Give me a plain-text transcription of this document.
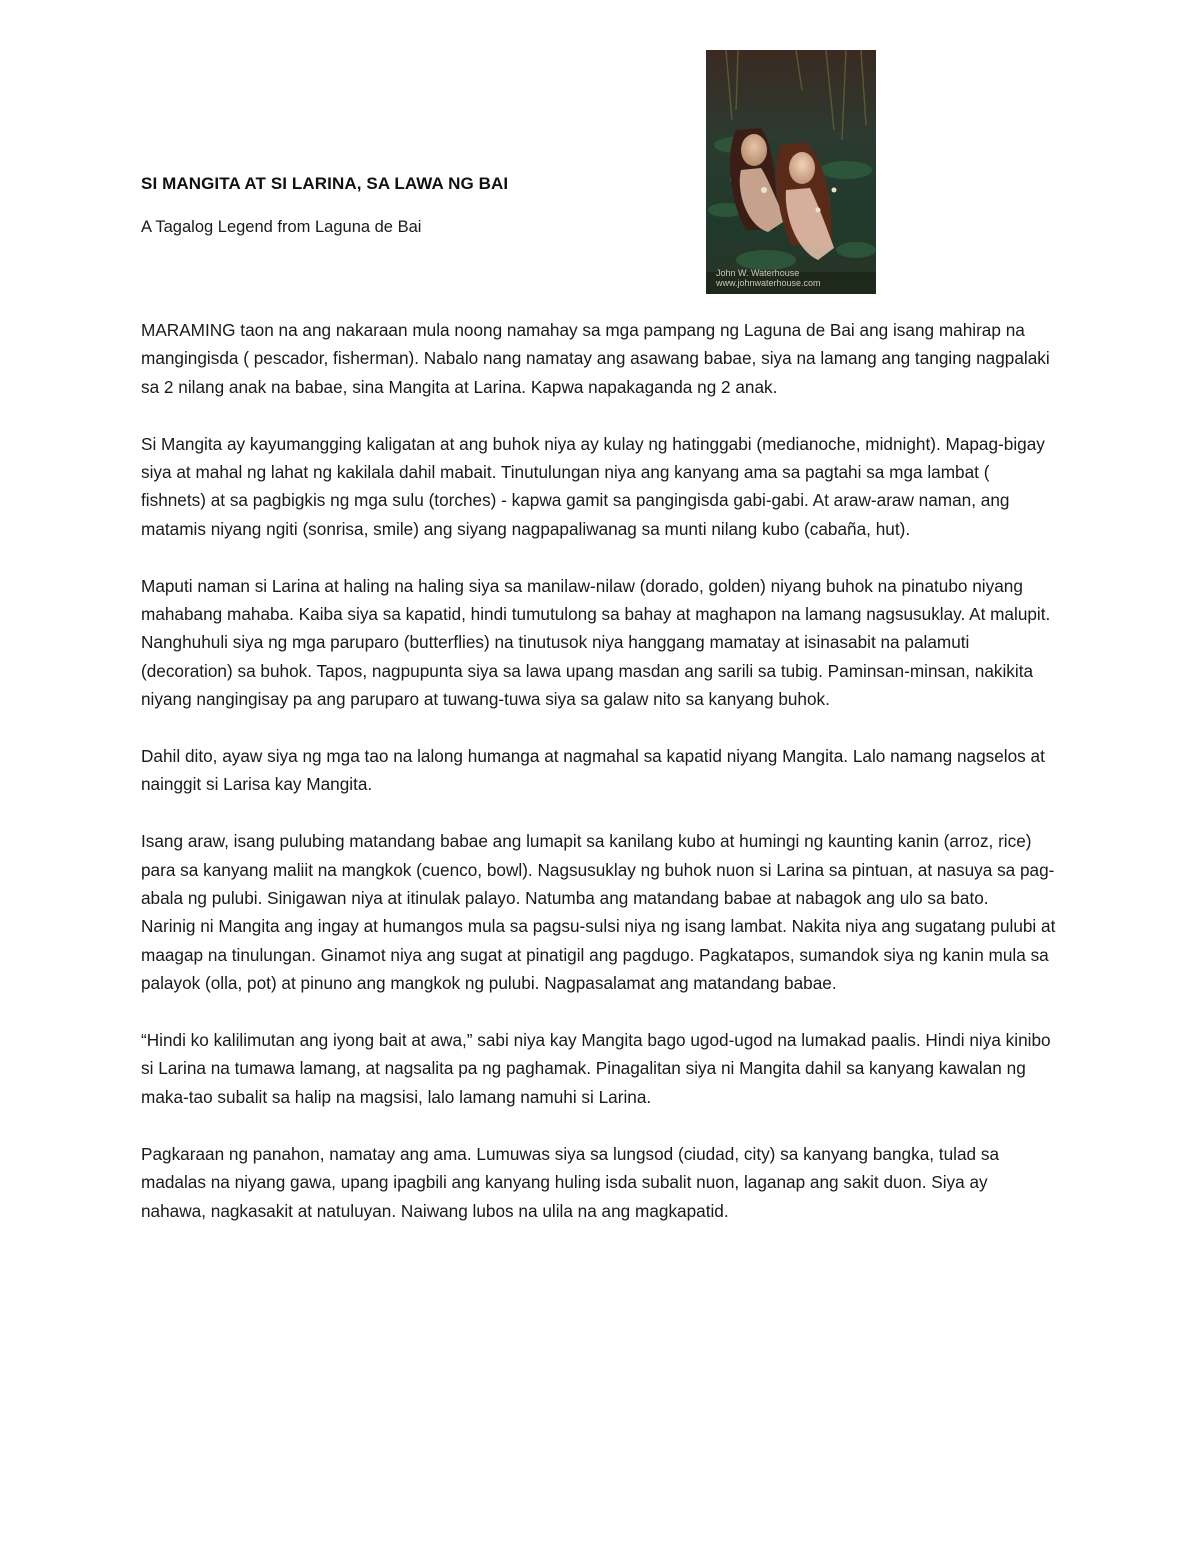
John W. Waterhouse
www.johnwaterhouse.com
SI MANGITA AT SI LARINA, SA LAWA NG BAI

A Tagalog Legend from Laguna de Bai

MARAMING taon na ang nakaraan mula noong namahay sa mga pampang ng Laguna de Bai ang isang mahirap na mangingisda ( pescador, fisherman). Nabalo nang namatay ang asawang babae, siya na lamang ang tanging nagpalaki sa 2 nilang anak na babae, sina Mangita at Larina. Kapwa napakaganda ng 2 anak.

Si Mangita ay kayumangging kaligatan at ang buhok niya ay kulay ng hatinggabi (medianoche, midnight). Mapag-bigay siya at mahal ng lahat ng kakilala dahil mabait. Tinutulungan niya ang kanyang ama sa pagtahi sa mga lambat ( fishnets) at sa pagbigkis ng mga sulu (torches) - kapwa gamit sa pangingisda gabi-gabi. At araw-araw naman, ang matamis niyang ngiti (sonrisa, smile) ang siyang nagpapaliwanag sa munti nilang kubo (cabaña, hut).

Maputi naman si Larina at haling na haling siya sa manilaw-nilaw (dorado, golden) niyang buhok na pinatubo niyang mahabang mahaba. Kaiba siya sa kapatid, hindi tumutulong sa bahay at maghapon na lamang nagsusuklay. At malupit. Nanghuhuli siya ng mga paruparo (butterflies) na tinutusok niya hanggang mamatay at isinasabit na palamuti (decoration) sa buhok. Tapos, nagpupunta siya sa lawa upang masdan ang sarili sa tubig. Paminsan-minsan, nakikita niyang nangingisay pa ang paruparo at tuwang-tuwa siya sa galaw nito sa kanyang buhok.

Dahil dito, ayaw siya ng mga tao na lalong humanga at nagmahal sa kapatid niyang Mangita. Lalo namang nagselos at nainggit si Larisa kay Mangita.

Isang araw, isang pulubing matandang babae ang lumapit sa kanilang kubo at humingi ng kaunting kanin (arroz, rice) para sa kanyang maliit na mangkok (cuenco, bowl). Nagsusuklay ng buhok nuon si Larina sa pintuan, at nasuya sa pag-abala ng pulubi. Sinigawan niya at itinulak palayo. Natumba ang matandang babae at nabagok ang ulo sa bato.

Narinig ni Mangita ang ingay at humangos mula sa pagsu-sulsi niya ng isang lambat. Nakita niya ang sugatang pulubi at maagap na tinulungan. Ginamot niya ang sugat at pinatigil ang pagdugo. Pagkatapos, sumandok siya ng kanin mula sa palayok (olla, pot) at pinuno ang mangkok ng pulubi. Nagpasalamat ang matandang babae.

“Hindi ko kalilimutan ang iyong bait at awa,” sabi niya kay Mangita bago ugod-ugod na lumakad paalis. Hindi niya kinibo si Larina na tumawa lamang, at nagsalita pa ng paghamak. Pinagalitan siya ni Mangita dahil sa kanyang kawalan ng maka-tao subalit sa halip na magsisi, lalo lamang namuhi si Larina.

Pagkaraan ng panahon, namatay ang ama. Lumuwas siya sa lungsod (ciudad, city) sa kanyang bangka, tulad sa madalas na niyang gawa, upang ipagbili ang kanyang huling isda subalit nuon, laganap ang sakit duon. Siya ay nahawa, nagkasakit at natuluyan. Naiwang lubos na ulila na ang magkapatid.
